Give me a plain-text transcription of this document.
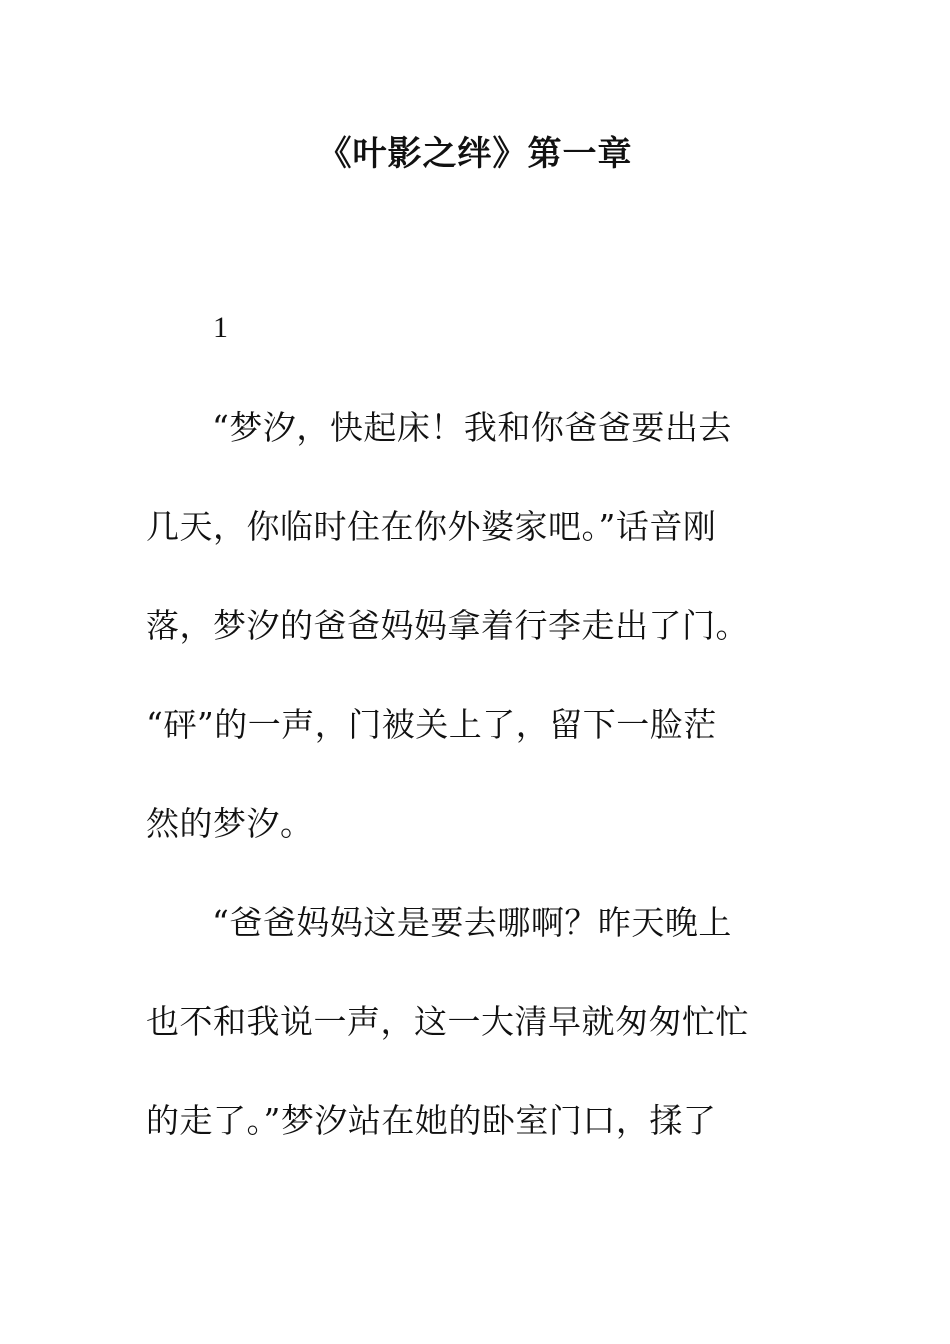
《叶影之绊》第一章
1
“梦汐，快起床！我和你爸爸要出去
几天，你临时住在你外婆家吧。”话音刚
落，梦汐的爸爸妈妈拿着行李走出了门。
“砰”的一声，门被关上了，留下一脸茫
然的梦汐。
“爸爸妈妈这是要去哪啊？昨天晚上
也不和我说一声，这一大清早就匆匆忙忙
的走了。”梦汐站在她的卧室门口，揉了
